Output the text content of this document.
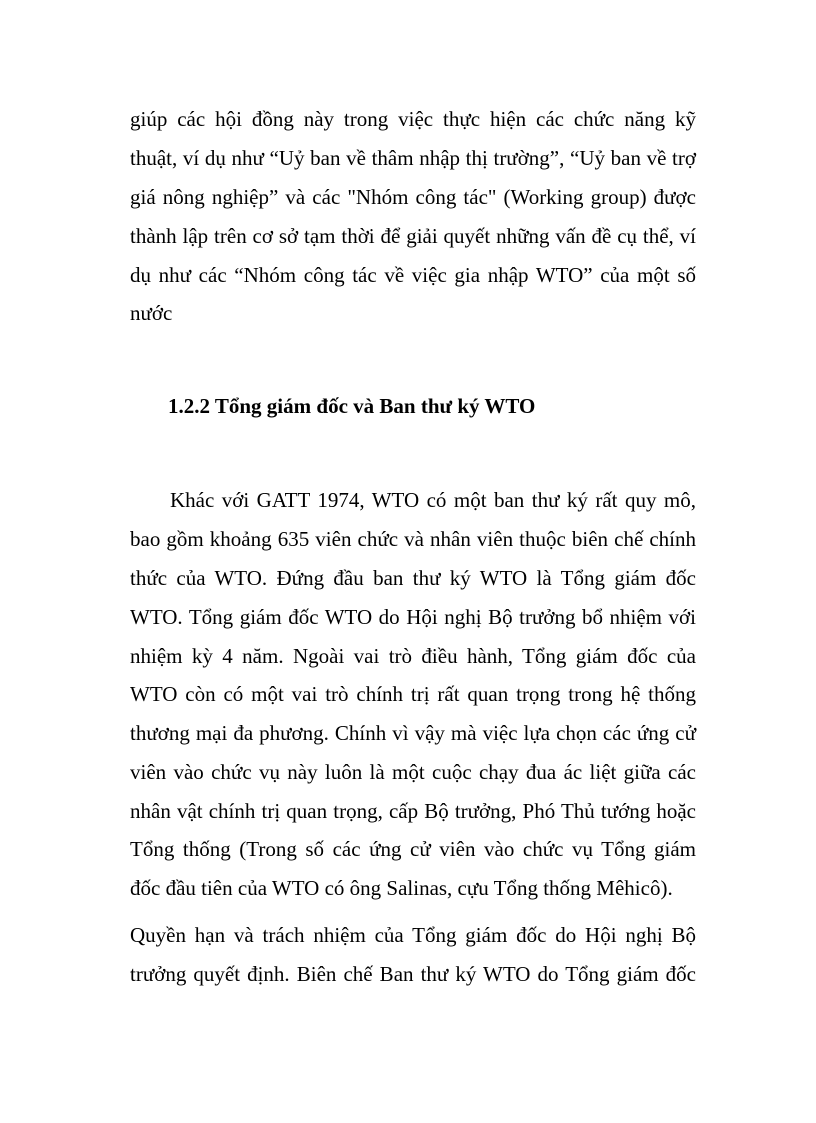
giúp các hội đồng này trong việc thực hiện các chức năng kỹ
thuật, ví dụ như “Uỷ ban về thâm nhập thị trường”, “Uỷ ban về trợ
giá nông nghiệp” và các "Nhóm công tác" (Working group) được
thành lập trên cơ sở tạm thời để giải quyết những vấn đề cụ thể, ví
dụ như các “Nhóm công tác về việc gia nhập WTO” của một số
nước
1.2.2 Tổng giám đốc và Ban thư ký WTO
Khác với GATT 1974, WTO có một ban thư ký rất quy mô,
bao gồm khoảng 635 viên chức và nhân viên thuộc biên chế chính
thức của WTO. Đứng đầu ban thư ký WTO là Tổng giám đốc
WTO. Tổng giám đốc WTO do Hội nghị Bộ trưởng bổ nhiệm với
nhiệm kỳ 4 năm. Ngoài vai trò điều hành, Tổng giám đốc của
WTO còn có một vai trò chính trị rất quan trọng trong hệ thống
thương mại đa phương. Chính vì vậy mà việc lựa chọn các ứng cử
viên vào chức vụ này luôn là một cuộc chạy đua ác liệt giữa các
nhân vật chính trị quan trọng, cấp Bộ trưởng, Phó Thủ tướng hoặc
Tổng thống (Trong số các ứng cử viên vào chức vụ Tổng giám
đốc đầu tiên của WTO có ông Salinas, cựu Tổng thống Mêhicô).
Quyền hạn và trách nhiệm của Tổng giám đốc do Hội nghị Bộ
trưởng quyết định. Biên chế Ban thư ký WTO do Tổng giám đốc
